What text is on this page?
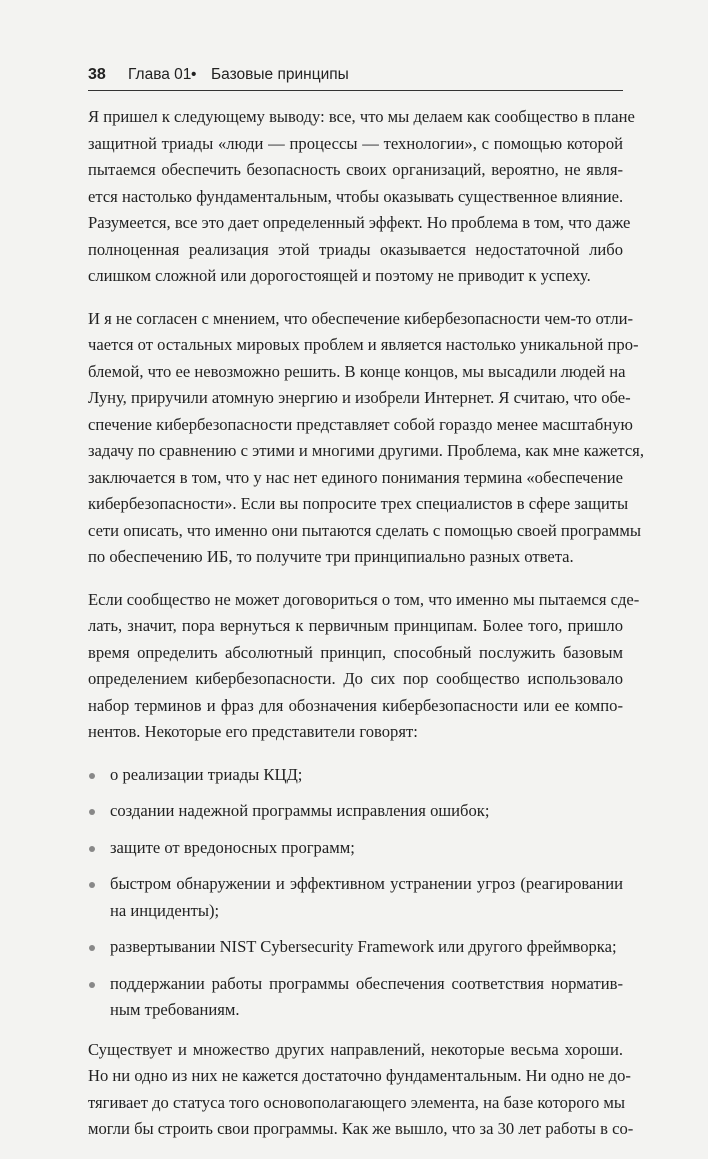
38 Глава 01 • Базовые принципы
Я пришел к следующему выводу: все, что мы делаем как сообщество в плане
защитной триады «люди — процессы — технологии», с помощью которой
пытаемся обеспечить безопасность своих организаций, вероятно, не явля-
ется настолько фундаментальным, чтобы оказывать существенное влияние.
Разумеется, все это дает определенный эффект. Но проблема в том, что даже
полноценная реализация этой триады оказывается недостаточной либо
слишком сложной или дорогостоящей и поэтому не приводит к успеху.
И я не согласен с мнением, что обеспечение кибербезопасности чем-то отли-
чается от остальных мировых проблем и является настолько уникальной про-
блемой, что ее невозможно решить. В конце концов, мы высадили людей на
Луну, приручили атомную энергию и изобрели Интернет. Я считаю, что обе-
спечение кибербезопасности представляет собой гораздо менее масштабную
задачу по сравнению с этими и многими другими. Проблема, как мне кажется,
заключается в том, что у нас нет единого понимания термина «обеспечение
кибербезопасности». Если вы попросите трех специалистов в сфере защиты
сети описать, что именно они пытаются сделать с помощью своей программы
по обеспечению ИБ, то получите три принципиально разных ответа.
Если сообщество не может договориться о том, что именно мы пытаемся сде-
лать, значит, пора вернуться к первичным принципам. Более того, пришло
время определить абсолютный принцип, способный послужить базовым
определением кибербезопасности. До сих пор сообщество использовало
набор терминов и фраз для обозначения кибербезопасности или ее компо-
нентов. Некоторые его представители говорят:
о реализации триады КЦД;
создании надежной программы исправления ошибок;
защите от вредоносных программ;
быстром обнаружении и эффективном устранении угроз (реагировании
на инциденты);
развертывании NIST Cybersecurity Framework или другого фреймворка;
поддержании работы программы обеспечения соответствия норматив-
ным требованиям.
Существует и множество других направлений, некоторые весьма хороши.
Но ни одно из них не кажется достаточно фундаментальным. Ни одно не до-
тягивает до статуса того основополагающего элемента, на базе которого мы
могли бы строить свои программы. Как же вышло, что за 30 лет работы в со-
